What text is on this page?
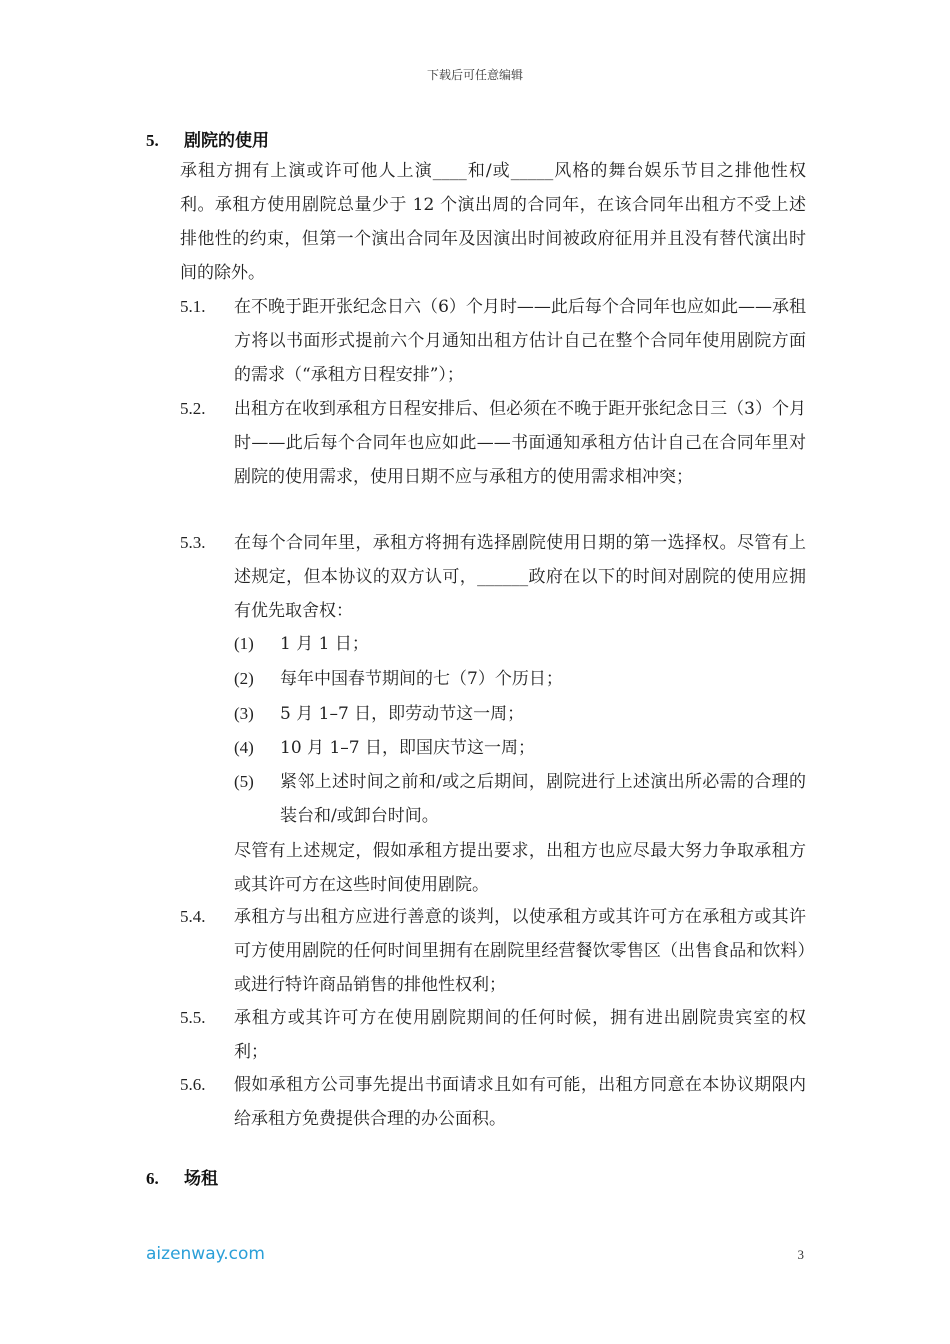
下载后可任意编辑
5. 剧院的使用
承租方拥有上演或许可他人上演____和/或_____风格的舞台娱乐节目之排他性权利。承租方使用剧院总量少于 12 个演出周的合同年，在该合同年出租方不受上述排他性的约束，但第一个演出合同年及因演出时间被政府征用并且没有替代演出时间的除外。
5.1. 在不晚于距开张纪念日六（6）个月时——此后每个合同年也应如此——承租方将以书面形式提前六个月通知出租方估计自己在整个合同年使用剧院方面的需求（“承租方日程安排”）；
5.2. 出租方在收到承租方日程安排后、但必须在不晚于距开张纪念日三（3）个月时——此后每个合同年也应如此——书面通知承租方估计自己在合同年里对剧院的使用需求，使用日期不应与承租方的使用需求相冲突；
5.3. 在每个合同年里，承租方将拥有选择剧院使用日期的第一选择权。尽管有上述规定，但本协议的双方认可，______政府在以下的时间对剧院的使用应拥有优先取舍权：
(1) 1 月 1 日；
(2) 每年中国春节期间的七（7）个历日；
(3) 5 月 1–7 日，即劳动节这一周；
(4) 10 月 1–7 日，即国庆节这一周；
(5) 紧邻上述时间之前和/或之后期间，剧院进行上述演出所必需的合理的装台和/或卸台时间。
尽管有上述规定，假如承租方提出要求，出租方也应尽最大努力争取承租方或其许可方在这些时间使用剧院。
5.4. 承租方与出租方应进行善意的谈判，以使承租方或其许可方在承租方或其许可方使用剧院的任何时间里拥有在剧院里经营餐饮零售区（出售食品和饮料）或进行特许商品销售的排他性权利；
5.5. 承租方或其许可方在使用剧院期间的任何时候，拥有进出剧院贵宾室的权利；
5.6. 假如承租方公司事先提出书面请求且如有可能，出租方同意在本协议期限内给承租方免费提供合理的办公面积。
6. 场租
aizenway.com	3
